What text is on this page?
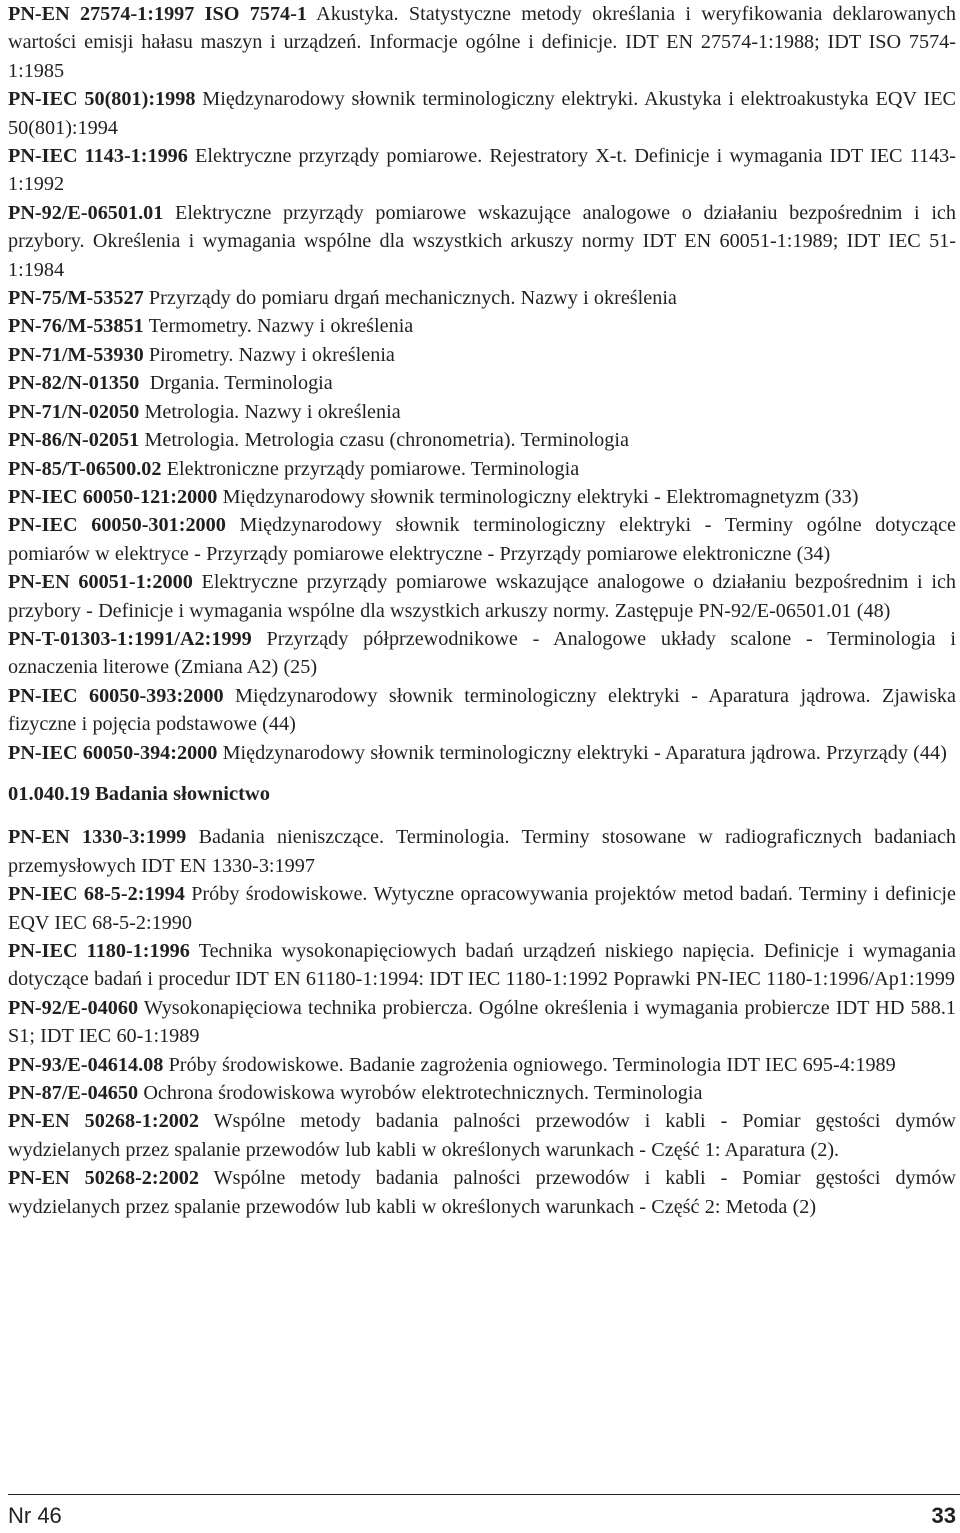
PN-EN 27574-1:1997 ISO 7574-1 Akustyka. Statystyczne metody określania i weryfikowania deklarowanych wartości emisji hałasu maszyn i urządzeń. Informacje ogólne i definicje. IDT EN 27574-1:1988; IDT ISO 7574-1:1985
PN-IEC 50(801):1998 Międzynarodowy słownik terminologiczny elektryki. Akustyka i elektroakustyka EQV IEC 50(801):1994
PN-IEC 1143-1:1996 Elektryczne przyrządy pomiarowe. Rejestratory X-t. Definicje i wymagania IDT IEC 1143-1:1992
PN-92/E-06501.01 Elektryczne przyrządy pomiarowe wskazujące analogowe o działaniu bezpośrednim i ich przybory. Określenia i wymagania wspólne dla wszystkich arkuszy normy IDT EN 60051-1:1989; IDT IEC 51-1:1984
PN-75/M-53527 Przyrządy do pomiaru drgań mechanicznych. Nazwy i określenia
PN-76/M-53851 Termometry. Nazwy i określenia
PN-71/M-53930 Pirometry. Nazwy i określenia
PN-82/N-01350  Drgania. Terminologia
PN-71/N-02050 Metrologia. Nazwy i określenia
PN-86/N-02051 Metrologia. Metrologia czasu (chronometria). Terminologia
PN-85/T-06500.02 Elektroniczne przyrządy pomiarowe. Terminologia
PN-IEC 60050-121:2000 Międzynarodowy słownik terminologiczny elektryki - Elektromagnetyzm (33)
PN-IEC 60050-301:2000 Międzynarodowy słownik terminologiczny elektryki - Terminy ogólne dotyczące pomiarów w elektryce - Przyrządy pomiarowe elektryczne - Przyrządy pomiarowe elektroniczne (34)
PN-EN 60051-1:2000 Elektryczne przyrządy pomiarowe wskazujące analogowe o działaniu bezpośrednim i ich przybory - Definicje i wymagania wspólne dla wszystkich arkuszy normy. Zastępuje PN-92/E-06501.01 (48)
PN-T-01303-1:1991/A2:1999 Przyrządy półprzewodnikowe - Analogowe układy scalone - Terminologia i oznaczenia literowe (Zmiana A2) (25)
PN-IEC 60050-393:2000 Międzynarodowy słownik terminologiczny elektryki - Aparatura jądrowa. Zjawiska fizyczne i pojęcia podstawowe (44)
PN-IEC 60050-394:2000 Międzynarodowy słownik terminologiczny elektryki - Aparatura jądrowa. Przyrządy (44)
01.040.19 Badania słownictwo
PN-EN 1330-3:1999 Badania nieniszczące. Terminologia. Terminy stosowane w radiograficznych badaniach przemysłowych IDT EN 1330-3:1997
PN-IEC 68-5-2:1994 Próby środowiskowe. Wytyczne opracowywania projektów metod badań. Terminy i definicje EQV IEC 68-5-2:1990
PN-IEC 1180-1:1996 Technika wysokonapięciowych badań urządzeń niskiego napięcia. Definicje i wymagania dotyczące badań i procedur IDT EN 61180-1:1994: IDT IEC 1180-1:1992 Poprawki PN-IEC 1180-1:1996/Ap1:1999
PN-92/E-04060 Wysokonapięciowa technika probiercza. Ogólne określenia i wymagania probiercze IDT HD 588.1 S1; IDT IEC 60-1:1989
PN-93/E-04614.08 Próby środowiskowe. Badanie zagrożenia ogniowego. Terminologia IDT IEC 695-4:1989
PN-87/E-04650 Ochrona środowiskowa wyrobów elektrotechnicznych. Terminologia
PN-EN 50268-1:2002 Wspólne metody badania palności przewodów i kabli - Pomiar gęstości dymów wydzielanych przez spalanie przewodów lub kabli w określonych warunkach - Część 1: Aparatura (2).
PN-EN 50268-2:2002 Wspólne metody badania palności przewodów i kabli - Pomiar gęstości dymów wydzielanych przez spalanie przewodów lub kabli w określonych warunkach - Część 2: Metoda (2)
Nr 46	33
